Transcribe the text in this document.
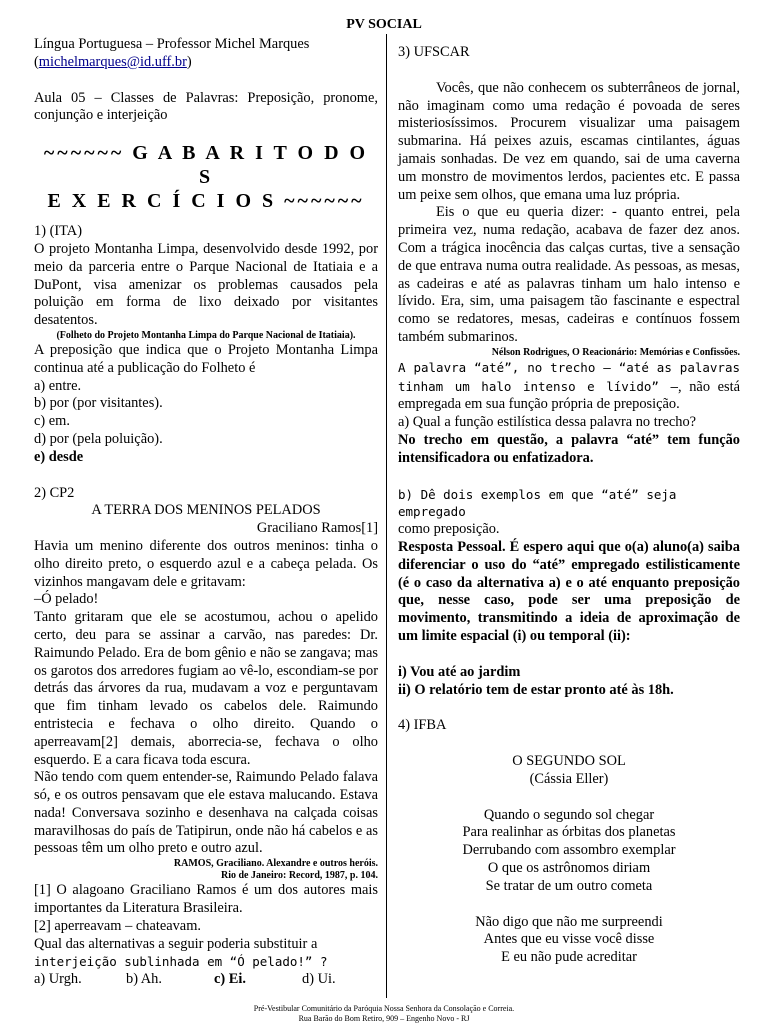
PV SOCIAL

Língua Portuguesa – Professor Michel Marques
(michelmarques@id.uff.br)

Aula 05 – Classes de Palavras: Preposição, pronome, conjunção e interjeição

~~~~~~ G A B A R I T O D O S
E X E R C Í C I O S ~~~~~~

1) (ITA)

O projeto Montanha Limpa, desenvolvido desde 1992, por meio da parceria entre o Parque Nacional de Itatiaia e a DuPont, visa amenizar os problemas causados pela poluição em forma de lixo deixado por visitantes desatentos.

(Folheto do Projeto Montanha Limpa do Parque Nacional de Itatiaia).

A preposição que indica que o Projeto Montanha Limpa continua até a publicação do Folheto é

a) entre.

b) por (por visitantes).

c) em.

d) por (pela poluição).

e) desde

2) CP2

A TERRA DOS MENINOS PELADOS

Graciliano Ramos[1]

Havia um menino diferente dos outros meninos: tinha o olho direito preto, o esquerdo azul e a cabeça pelada. Os vizinhos mangavam dele e gritavam:

–Ó pelado!

Tanto gritaram que ele se acostumou, achou o apelido certo, deu para se assinar a carvão, nas paredes: Dr. Raimundo Pelado. Era de bom gênio e não se zangava; mas os garotos dos arredores fugiam ao vê-lo, escondiam-se por detrás das árvores da rua, mudavam a voz e perguntavam que fim tinham levado os cabelos dele. Raimundo entristecia e fechava o olho direito. Quando o aperreavam[2] demais, aborrecia-se, fechava o olho esquerdo. E a cara ficava toda escura.

Não tendo com quem entender-se, Raimundo Pelado falava só, e os outros pensavam que ele estava malucando. Estava nada! Conversava sozinho e desenhava na calçada coisas maravilhosas do país de Tatipirun, onde não há cabelos e as pessoas têm um olho preto e outro azul.

RAMOS, Graciliano. Alexandre e outros heróis.

Rio de Janeiro: Record, 1987, p. 104.

[1] O alagoano Graciliano Ramos é um dos autores mais importantes da Literatura Brasileira.

[2] aperreavam – chateavam.

Qual das alternativas a seguir poderia substituir a

interjeição sublinhada em “Ó pelado!” ?

a) Urgh.	b) Ah.	c) Ei.	d) Ui.

3) UFSCAR

Vocês, que não conhecem os subterrâneos de jornal, não imaginam como uma redação é povoada de seres misteriosíssimos. Procurem visualizar uma paisagem submarina. Há peixes azuis, escamas cintilantes, águas jamais sonhadas. De vez em quando, sai de uma caverna um monstro de movimentos lerdos, pacientes etc. E passa um peixe sem olhos, que emana uma luz própria.

Eis o que eu queria dizer: - quanto entrei, pela primeira vez, numa redação, acabava de fazer dez anos. Com a trágica inocência das calças curtas, tive a sensação de que entrava numa outra realidade. As pessoas, as mesas, as cadeiras e até as palavras tinham um halo intenso e lívido. Era, sim, uma paisagem tão fascinante e espectral como se redatores, mesas, cadeiras e contínuos fossem também submarinos.

Nélson Rodrigues, O Reacionário: Memórias e Confissões.

A palavra “até”, no trecho – “até as palavras tinham um halo intenso e lívido” –, não está empregada em sua função própria de preposição.

a) Qual a função estilística dessa palavra no trecho?

No trecho em questão, a palavra “até” tem função intensificadora ou enfatizadora.

b) Dê dois exemplos em que “até” seja empregado

como preposição.

Resposta Pessoal. É espero aqui que o(a) aluno(a) saiba diferenciar o uso do “até” empregado estilisticamente (é o caso da alternativa a) e o até enquanto preposição que, nesse caso, pode ser uma preposição de movimento, transmitindo a ideia de aproximação de um limite espacial (i) ou temporal (ii):

i) Vou até ao jardim

ii) O relatório tem de estar pronto até às 18h.

4) IFBA

O SEGUNDO SOL

(Cássia Eller)

Quando o segundo sol chegar

Para realinhar as órbitas dos planetas

Derrubando com assombro exemplar

O que os astrônomos diriam

Se tratar de um outro cometa

Não digo que não me surpreendi

Antes que eu visse você disse

E eu não pude acreditar

Pré-Vestibular Comunitário da Paróquia Nossa Senhora da Consolação e Correia.
Rua Barão do Bom Retiro, 909 – Engenho Novo - RJ
